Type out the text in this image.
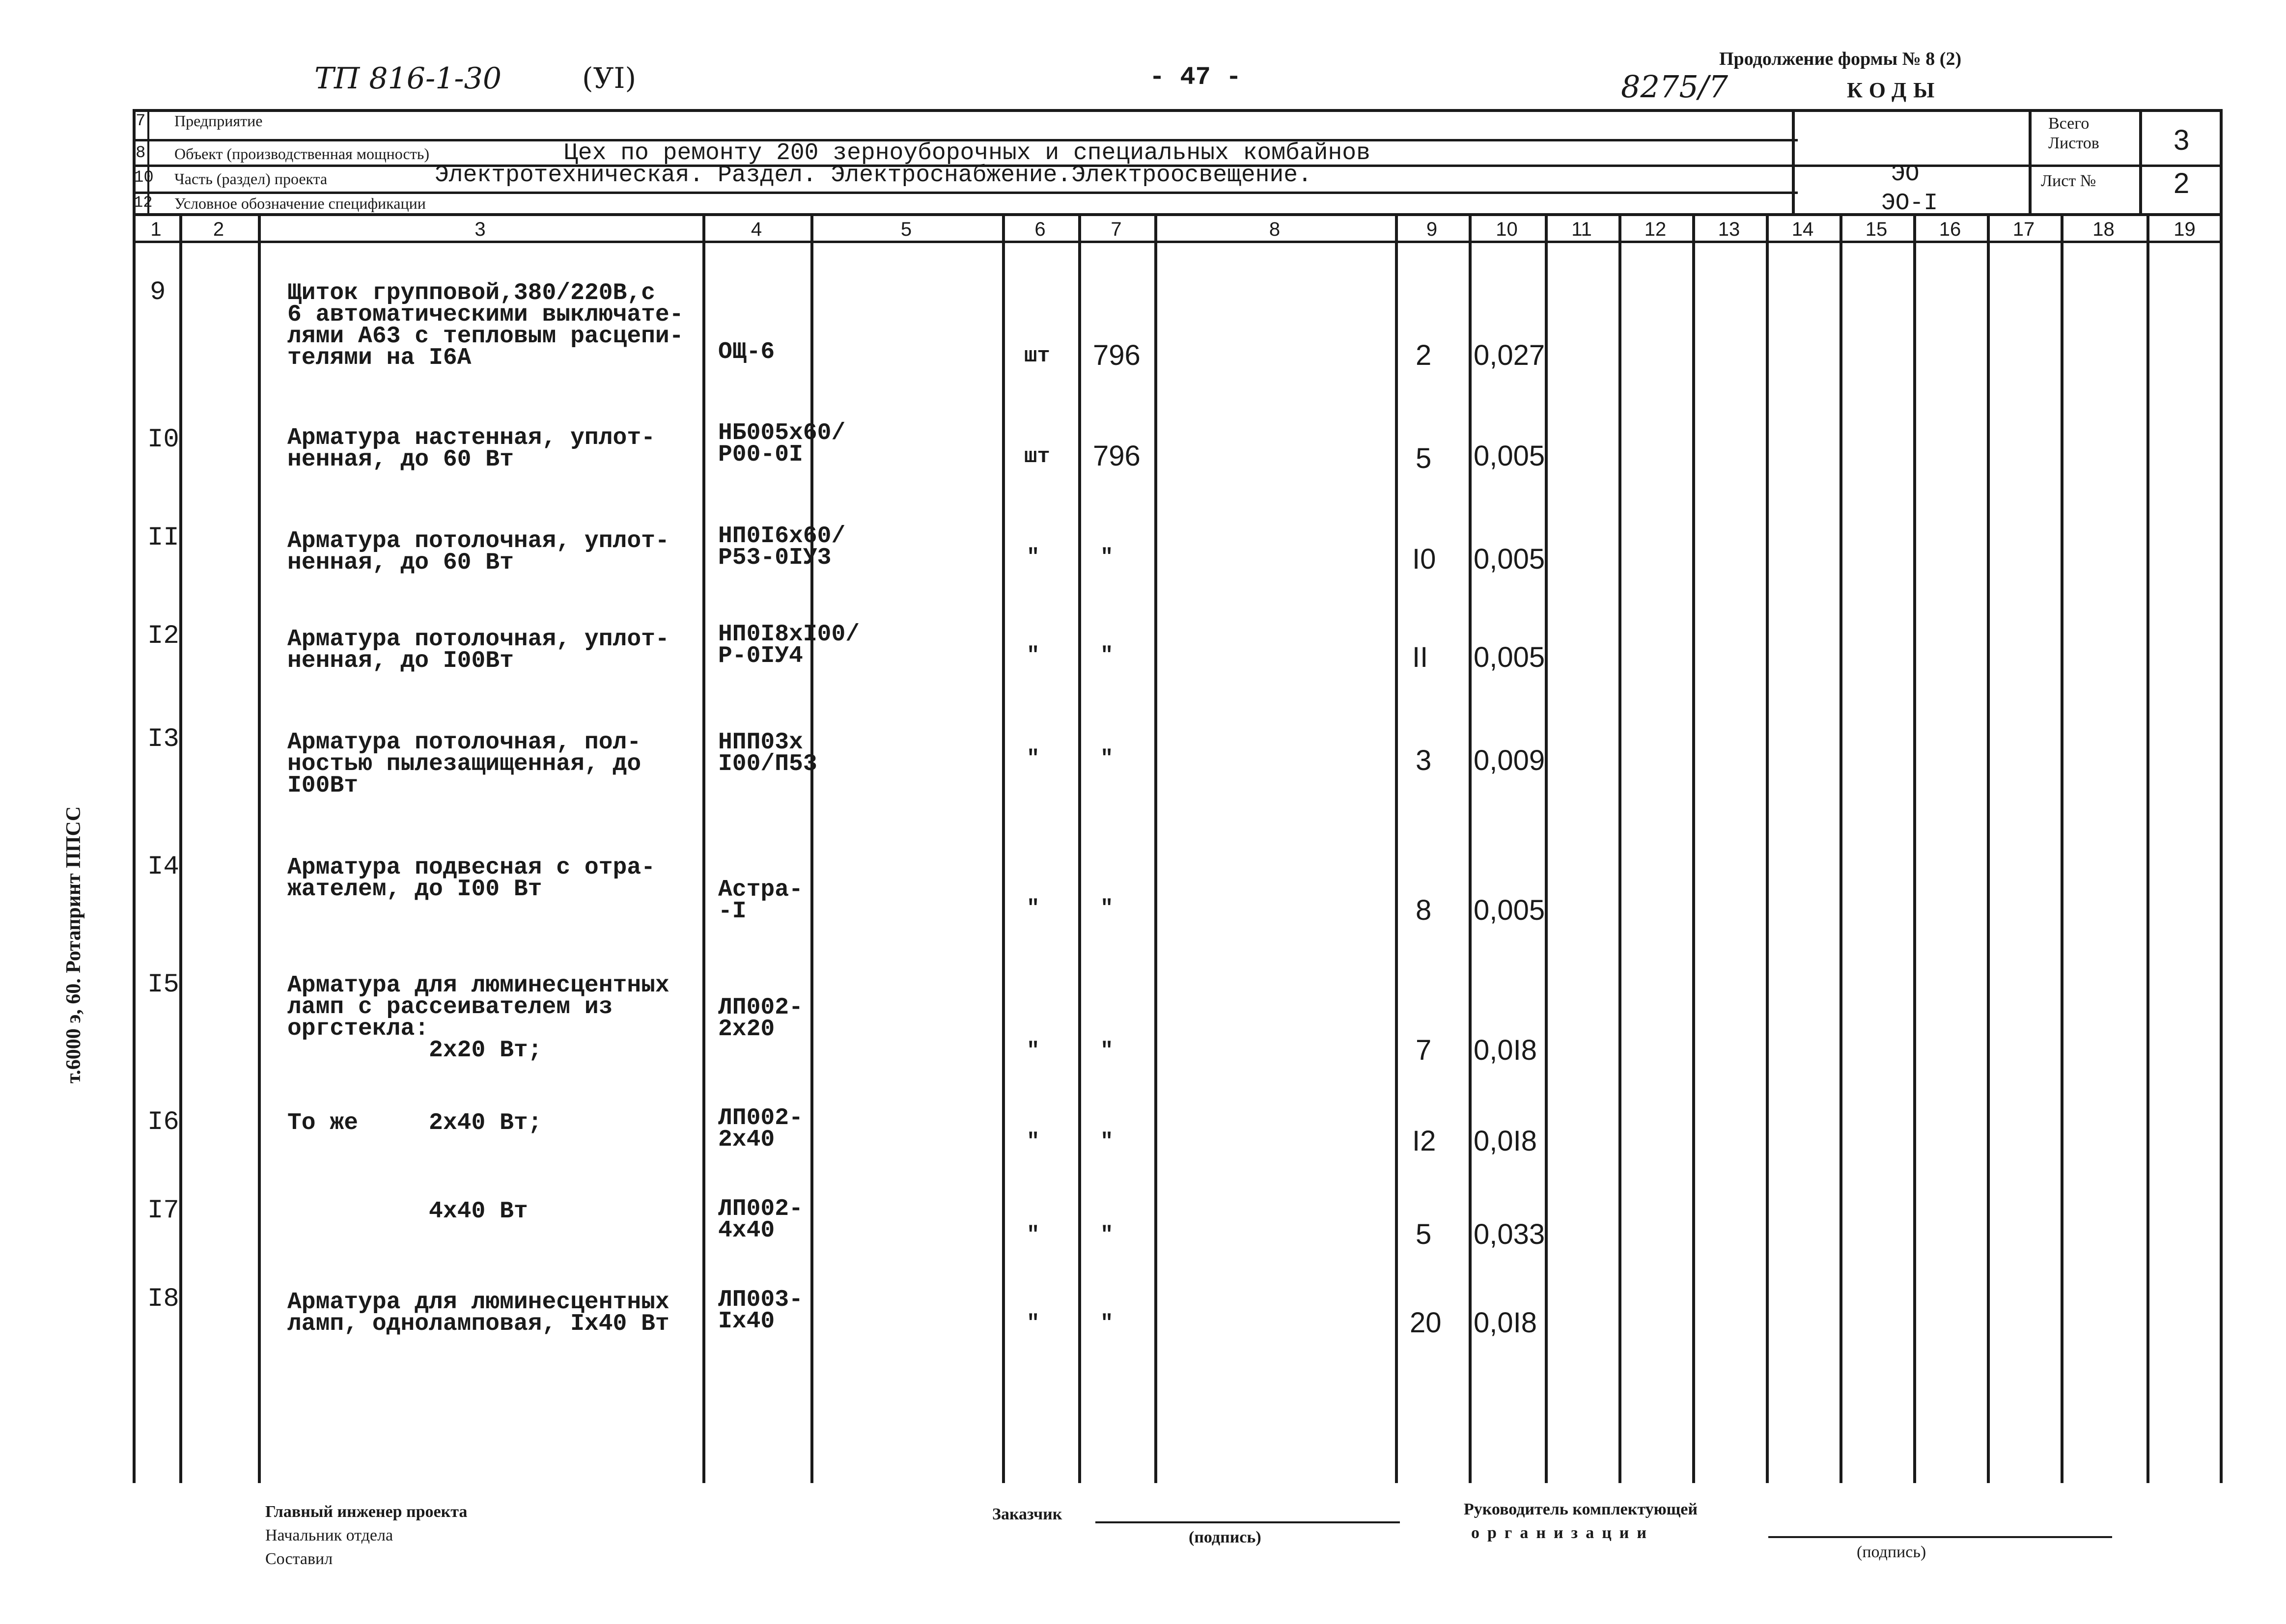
ТП 816-1-30	(УI)	- 47 -	8275/7
Продолжение формы № 8 (2)
КОДЫ
7 Предприятие
8 Объект (производственная мощность)	Цех по ремонту 200 зерноуборочных и специальных комбайнов
10 Часть (раздел) проекта	Электротехническая. Раздел. Электроснабжение.Электроосвещение.	ЭО
12 Условное обозначение спецификации	ЭО-I
Всего Листов	3
Лист №	2
1	2	3	4	5	6	7	8	9	10	11	12	13	14	15	16	17	18	19
9	Щиток групповой,380/220В,с
6 автоматическими выключате-
лями А63 с тепловым расцепи-
телями на I6А	ОЩ-6	шт 796	2 0,027
I0	Арматура настенная, уплот-
ненная, до 60 Вт
НБ005х60/
Р00-0I	шт 796	5 0,005
II	Арматура потолочная, уплот-
ненная, до 60 Вт
НП0I6х60/
Р53-0IУ3	"	"	I0 0,005
I2	Арматура потолочная, уплот-
ненная, до I00Вт
НП0I8хI00/
Р-0IУ4	"	"	II 0,005
I3	Арматура потолочная, пол-
ностью пылезащищенная, до
I00Вт
НПП03х
I00/П53	"	"	3 0,009
I4	Арматура подвесная с отра-
жателем, до I00 Вт	Астра-
-I	"	"	8 0,005
I5	Арматура для люминесцентных
ламп с рассеивателем из
оргстекла:
2х20 Вт;
ЛП002-
2х20
"	"	7 0,0I8
I6	То же     2х40 Вт;	ЛП002-
2х40	"	"	I2 0,0I8
I7	4х40 Вт	ЛП002-
4х40	"	"	5 0,033
I8	Арматура для люминесцентных
ламп, одноламповая, Iх40 Вт
ЛП003-
Iх40	"	"	20 0,0I8
т.6000 э, 60. Ротапринт ППСС
Главный инженер проекта
Начальник отдела
Составил
Заказчик
(подпись)
Руководитель комплектующей
организации
(подпись)
